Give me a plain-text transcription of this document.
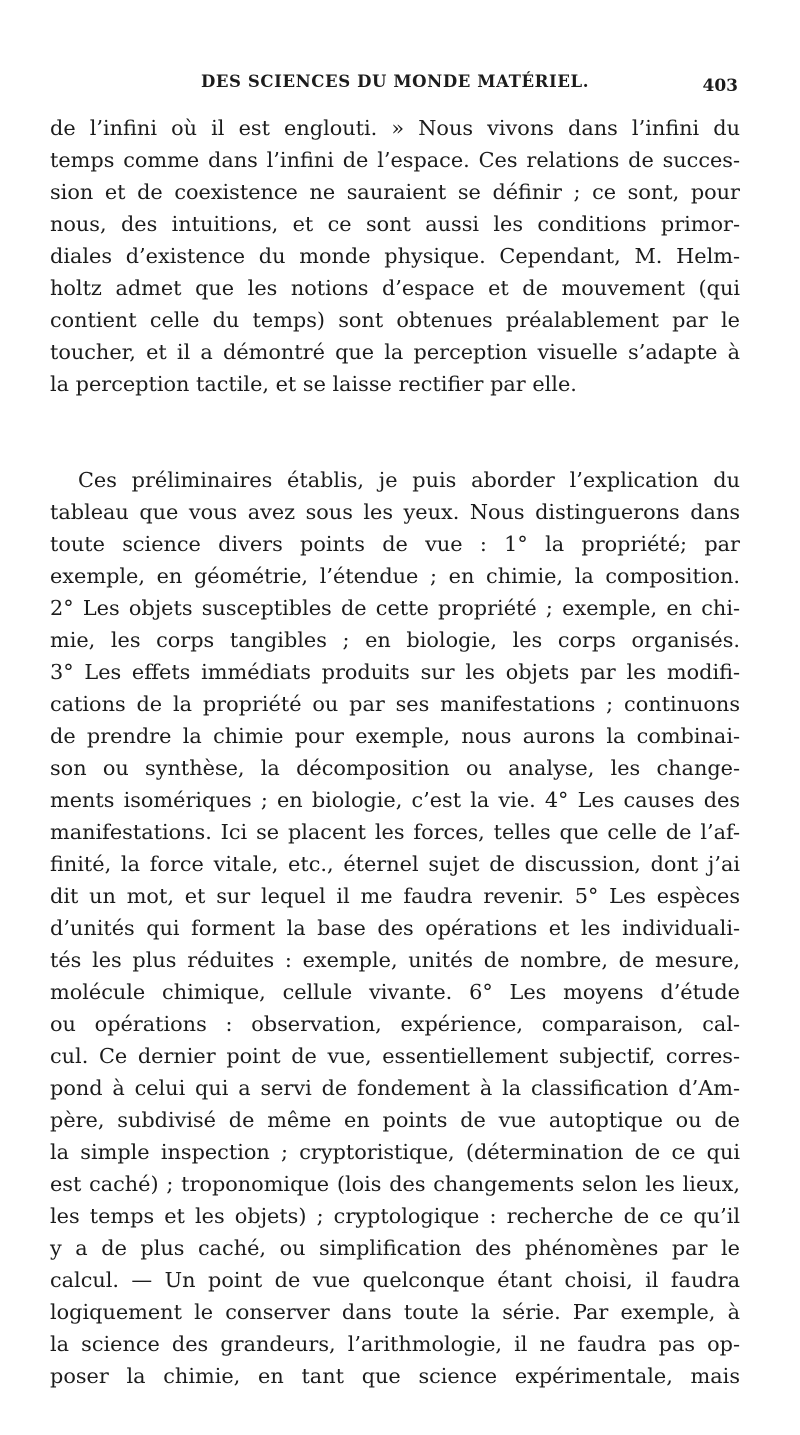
DES SCIENCES DU MONDE MATÉRIEL.	403

de l’infini où il est englouti. » Nous vivons dans l’infini du
temps comme dans l’infini de l’espace. Ces relations de succes-
sion et de coexistence ne sauraient se définir ; ce sont, pour
nous, des intuitions, et ce sont aussi les conditions primor-
diales d’existence du monde physique. Cependant, M. Helm-
holtz admet que les notions d’espace et de mouvement (qui
contient celle du temps) sont obtenues préalablement par le
toucher, et il a démontré que la perception visuelle s’adapte à
la perception tactile, et se laisse rectifier par elle.

Ces préliminaires établis, je puis aborder l’explication du
tableau que vous avez sous les yeux. Nous distinguerons dans
toute science divers points de vue : 1° la propriété; par
exemple, en géométrie, l’étendue ; en chimie, la composition.
2° Les objets susceptibles de cette propriété ; exemple, en chi-
mie, les corps tangibles ; en biologie, les corps organisés.
3° Les effets immédiats produits sur les objets par les modifi-
cations de la propriété ou par ses manifestations ; continuons
de prendre la chimie pour exemple, nous aurons la combinai-
son ou synthèse, la décomposition ou analyse, les change-
ments isomériques ; en biologie, c’est la vie. 4° Les causes des
manifestations. Ici se placent les forces, telles que celle de l’af-
finité, la force vitale, etc., éternel sujet de discussion, dont j’ai
dit un mot, et sur lequel il me faudra revenir. 5° Les espèces
d’unités qui forment la base des opérations et les individuali-
tés les plus réduites : exemple, unités de nombre, de mesure,
molécule chimique, cellule vivante. 6° Les moyens d’étude
ou opérations : observation, expérience, comparaison, cal-
cul. Ce dernier point de vue, essentiellement subjectif, corres-
pond à celui qui a servi de fondement à la classification d’Am-
père, subdivisé de même en points de vue autoptique ou de
la simple inspection ; cryptoristique, (détermination de ce qui
est caché) ; troponomique (lois des changements selon les lieux,
les temps et les objets) ; cryptologique : recherche de ce qu’il
y a de plus caché, ou simplification des phénomènes par le
calcul. — Un point de vue quelconque étant choisi, il faudra
logiquement le conserver dans toute la série. Par exemple, à
la science des grandeurs, l’arithmologie, il ne faudra pas op-
poser la chimie, en tant que science expérimentale, mais
